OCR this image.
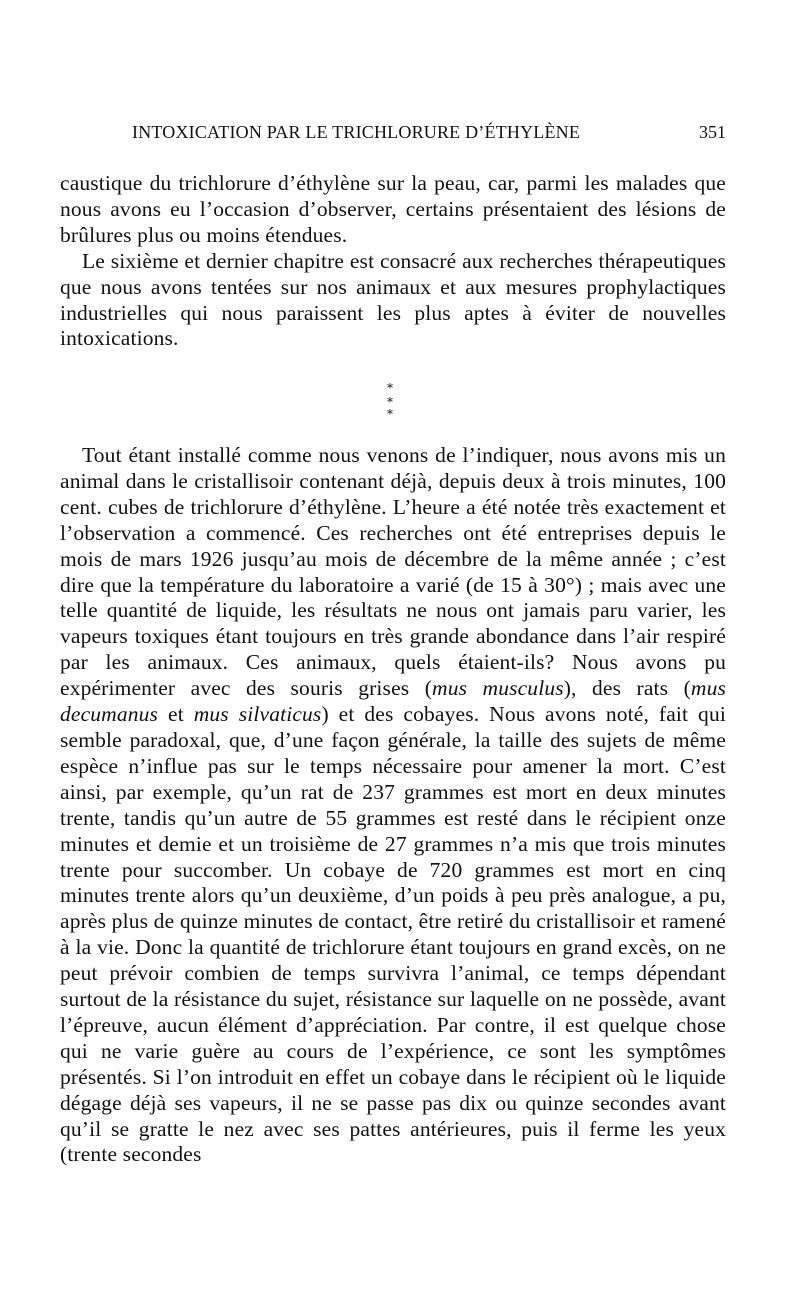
INTOXICATION PAR LE TRICHLORURE D’ÉTHYLÈNE	351

caustique du trichlorure d’éthylène sur la peau, car, parmi les malades que nous avons eu l’occasion d’observer, certains présentaient des lésions de brûlures plus ou moins étendues.

Le sixième et dernier chapitre est consacré aux recherches thérapeutiques que nous avons tentées sur nos animaux et aux mesures prophylactiques industrielles qui nous paraissent les plus aptes à éviter de nouvelles intoxications.

*
* *

Tout étant installé comme nous venons de l’indiquer, nous avons mis un animal dans le cristallisoir contenant déjà, depuis deux à trois minutes, 100 cent. cubes de trichlorure d’éthylène. L’heure a été notée très exactement et l’observation a commencé. Ces recherches ont été entreprises depuis le mois de mars 1926 jusqu’au mois de décembre de la même année ; c’est dire que la température du laboratoire a varié (de 15 à 30°) ; mais avec une telle quantité de liquide, les résultats ne nous ont jamais paru varier, les vapeurs toxiques étant toujours en très grande abondance dans l’air respiré par les animaux. Ces animaux, quels étaient-ils? Nous avons pu expérimenter avec des souris grises (mus musculus), des rats (mus decumanus et mus silvaticus) et des cobayes. Nous avons noté, fait qui semble paradoxal, que, d’une façon générale, la taille des sujets de même espèce n’influe pas sur le temps nécessaire pour amener la mort. C’est ainsi, par exemple, qu’un rat de 237 grammes est mort en deux minutes trente, tandis qu’un autre de 55 grammes est resté dans le récipient onze minutes et demie et un troisième de 27 grammes n’a mis que trois minutes trente pour succomber. Un cobaye de 720 grammes est mort en cinq minutes trente alors qu’un deuxième, d’un poids à peu près analogue, a pu, après plus de quinze minutes de contact, être retiré du cristallisoir et ramené à la vie. Donc la quantité de trichlorure étant toujours en grand excès, on ne peut prévoir combien de temps survivra l’animal, ce temps dépendant surtout de la résistance du sujet, résistance sur laquelle on ne possède, avant l’épreuve, aucun élément d’appréciation. Par contre, il est quelque chose qui ne varie guère au cours de l’expérience, ce sont les symptômes présentés. Si l’on introduit en effet un cobaye dans le récipient où le liquide dégage déjà ses vapeurs, il ne se passe pas dix ou quinze secondes avant qu’il se gratte le nez avec ses pattes antérieures, puis il ferme les yeux (trente secondes
